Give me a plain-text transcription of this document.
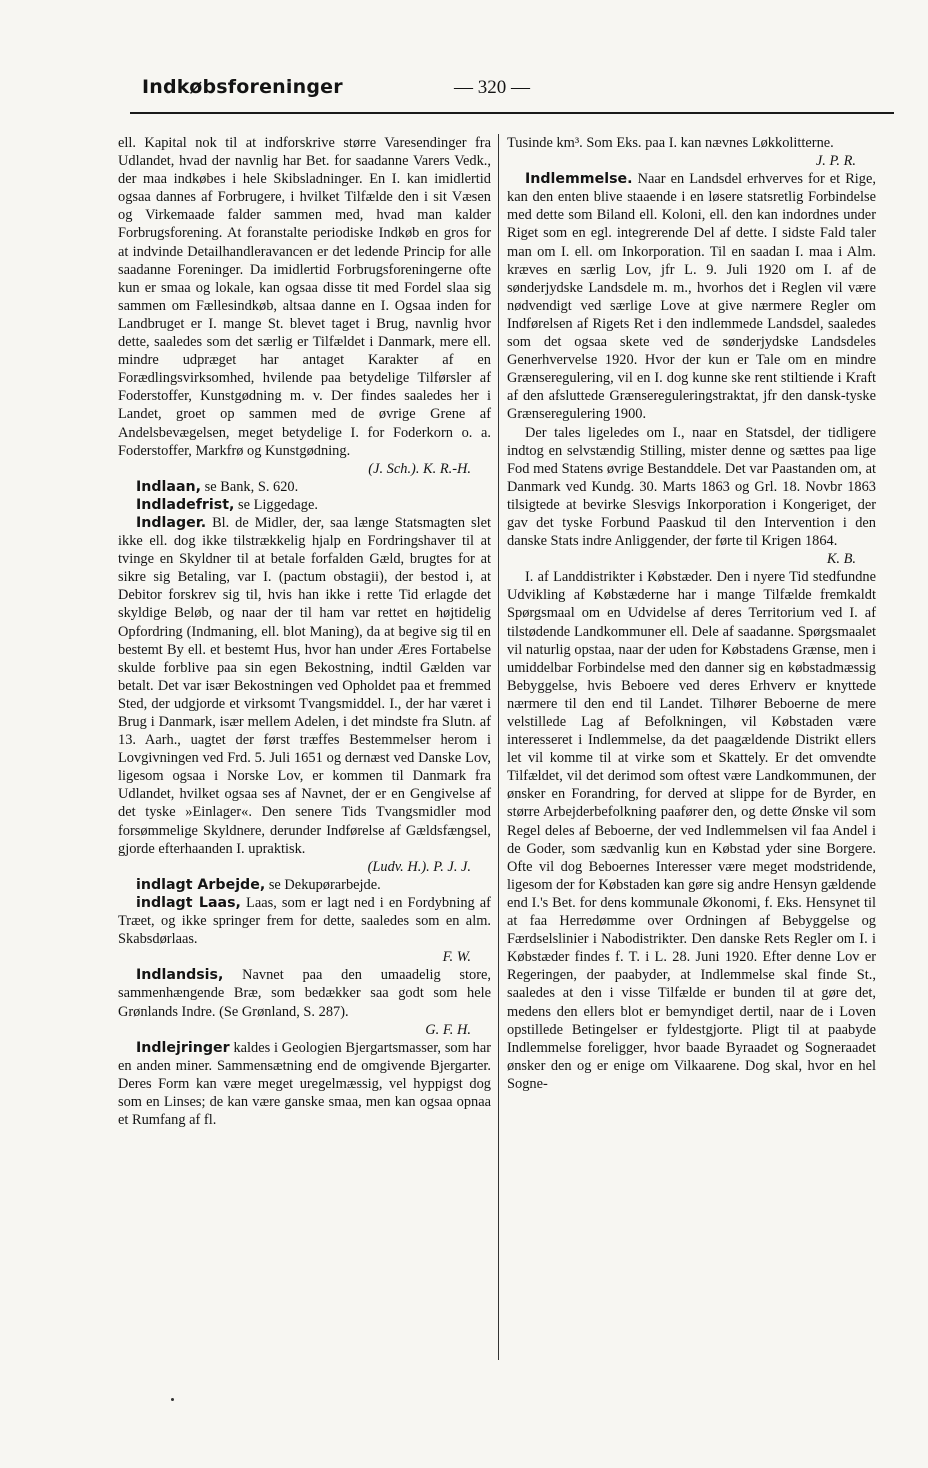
Indkøbsforeninger	— 320 —

ell. Kapital nok til at indforskrive større Varesendinger fra Udlandet, hvad der navnlig har Bet. for saadanne Varers Vedk., der maa indkøbes i hele Skibsladninger. En I. kan imidlertid ogsaa dannes af Forbrugere, i hvilket Tilfælde den i sit Væsen og Virkemaade falder sammen med, hvad man kalder Forbrugsforening. At foranstalte periodiske Indkøb en gros for at indvinde Detailhandleravancen er det ledende Princip for alle saadanne Foreninger. Da imidlertid Forbrugsforeningerne ofte kun er smaa og lokale, kan ogsaa disse tit med Fordel slaa sig sammen om Fællesindkøb, altsaa danne en I. Ogsaa inden for Landbruget er I. mange St. blevet taget i Brug, navnlig hvor dette, saaledes som det særlig er Tilfældet i Danmark, mere ell. mindre udpræget har antaget Karakter af en Forædlingsvirksomhed, hvilende paa betydelige Tilførsler af Foderstoffer, Kunstgødning m. v. Der findes saaledes her i Landet, groet op sammen med de øvrige Grene af Andelsbevægelsen, meget betydelige I. for Foderkorn o. a. Foderstoffer, Markfrø og Kunstgødning.
(J. Sch.). K. R.-H.

Indlaan, se Bank, S. 620.

Indladefrist, se Liggedage.

Indlager. Bl. de Midler, der, saa længe Statsmagten slet ikke ell. dog ikke tilstrækkelig hjalp en Fordringshaver til at tvinge en Skyldner til at betale forfalden Gæld, brugtes for at sikre sig Betaling, var I. (pactum obstagii), der bestod i, at Debitor forskrev sig til, hvis han ikke i rette Tid erlagde det skyldige Beløb, og naar der til ham var rettet en højtidelig Opfordring (Indmaning, ell. blot Maning), da at begive sig til en bestemt By ell. et bestemt Hus, hvor han under Æres Fortabelse skulde forblive paa sin egen Bekostning, indtil Gælden var betalt. Det var især Bekostningen ved Opholdet paa et fremmed Sted, der udgjorde et virksomt Tvangsmiddel. I., der har været i Brug i Danmark, især mellem Adelen, i det mindste fra Slutn. af 13. Aarh., uagtet der først træffes Bestemmelser herom i Lovgivningen ved Frd. 5. Juli 1651 og dernæst ved Danske Lov, ligesom ogsaa i Norske Lov, er kommen til Danmark fra Udlandet, hvilket ogsaa ses af Navnet, der er en Gengivelse af det tyske »Einlager«. Den senere Tids Tvangsmidler mod forsømmelige Skyldnere, derunder Indførelse af Gældsfængsel, gjorde efterhaanden I. upraktisk.
(Ludv. H.). P. J. J.

indlagt Arbejde, se Dekupørarbejde.

indlagt Laas, Laas, som er lagt ned i en Fordybning af Træet, og ikke springer frem for dette, saaledes som en alm. Skabsdørlaas.
F. W.

Indlandsis, Navnet paa den umaadelig store, sammenhængende Bræ, som bedækker saa godt som hele Grønlands Indre. (Se Grønland, S. 287).
G. F. H.

Indlejringer kaldes i Geologien Bjergartsmasser, som har en anden miner. Sammensætning end de omgivende Bjergarter. Deres Form kan være meget uregelmæssig, vel hyppigst dog som en Linses; de kan være ganske smaa, men kan ogsaa opnaa et Rumfang af fl.

Tusinde km³. Som Eks. paa I. kan nævnes Løkkolitterne.
J. P. R.

Indlemmelse. Naar en Landsdel erhverves for et Rige, kan den enten blive staaende i en løsere statsretlig Forbindelse med dette som Biland ell. Koloni, ell. den kan indordnes under Riget som en egl. integrerende Del af dette. I sidste Fald taler man om I. ell. om Inkorporation. Til en saadan I. maa i Alm. kræves en særlig Lov, jfr L. 9. Juli 1920 om I. af de sønderjydske Landsdele m. m., hvorhos det i Reglen vil være nødvendigt ved særlige Love at give nærmere Regler om Indførelsen af Rigets Ret i den indlemmede Landsdel, saaledes som det ogsaa skete ved de sønderjydske Landsdeles Generhvervelse 1920. Hvor der kun er Tale om en mindre Grænseregulering, vil en I. dog kunne ske rent stiltiende i Kraft af den afsluttede Grænsereguleringstraktat, jfr den dansk-tyske Grænseregulering 1900.

Der tales ligeledes om I., naar en Statsdel, der tidligere indtog en selvstændig Stilling, mister denne og sættes paa lige Fod med Statens øvrige Bestanddele. Det var Paastanden om, at Danmark ved Kundg. 30. Marts 1863 og Grl. 18. Novbr 1863 tilsigtede at bevirke Slesvigs Inkorporation i Kongeriget, der gav det tyske Forbund Paaskud til den Intervention i den danske Stats indre Anliggender, der førte til Krigen 1864.
K. B.

I. af Landdistrikter i Købstæder. Den i nyere Tid stedfundne Udvikling af Købstæderne har i mange Tilfælde fremkaldt Spørgsmaal om en Udvidelse af deres Territorium ved I. af tilstødende Landkommuner ell. Dele af saadanne. Spørgsmaalet vil naturlig opstaa, naar der uden for Købstadens Grænse, men i umiddelbar Forbindelse med den danner sig en købstadmæssig Bebyggelse, hvis Beboere ved deres Erhverv er knyttede nærmere til den end til Landet. Tilhører Beboerne de mere velstillede Lag af Befolkningen, vil Købstaden være interesseret i Indlemmelse, da det paagældende Distrikt ellers let vil komme til at virke som et Skattely. Er det omvendte Tilfældet, vil det derimod som oftest være Landkommunen, der ønsker en Forandring, for derved at slippe for de Byrder, en større Arbejderbefolkning paafører den, og dette Ønske vil som Regel deles af Beboerne, der ved Indlemmelsen vil faa Andel i de Goder, som sædvanlig kun en Købstad yder sine Borgere. Ofte vil dog Beboernes Interesser være meget modstridende, ligesom der for Købstaden kan gøre sig andre Hensyn gældende end I.'s Bet. for dens kommunale Økonomi, f. Eks. Hensynet til at faa Herredømme over Ordningen af Bebyggelse og Færdselslinier i Nabodistrikter. Den danske Rets Regler om I. i Købstæder findes f. T. i L. 28. Juni 1920. Efter denne Lov er Regeringen, der paabyder, at Indlemmelse skal finde St., saaledes at den i visse Tilfælde er bunden til at gøre det, medens den ellers blot er bemyndiget dertil, naar de i Loven opstillede Betingelser er fyldestgjorte. Pligt til at paabyde Indlemmelse foreligger, hvor baade Byraadet og Sogneraadet ønsker den og er enige om Vilkaarene. Dog skal, hvor en hel Sogne-
